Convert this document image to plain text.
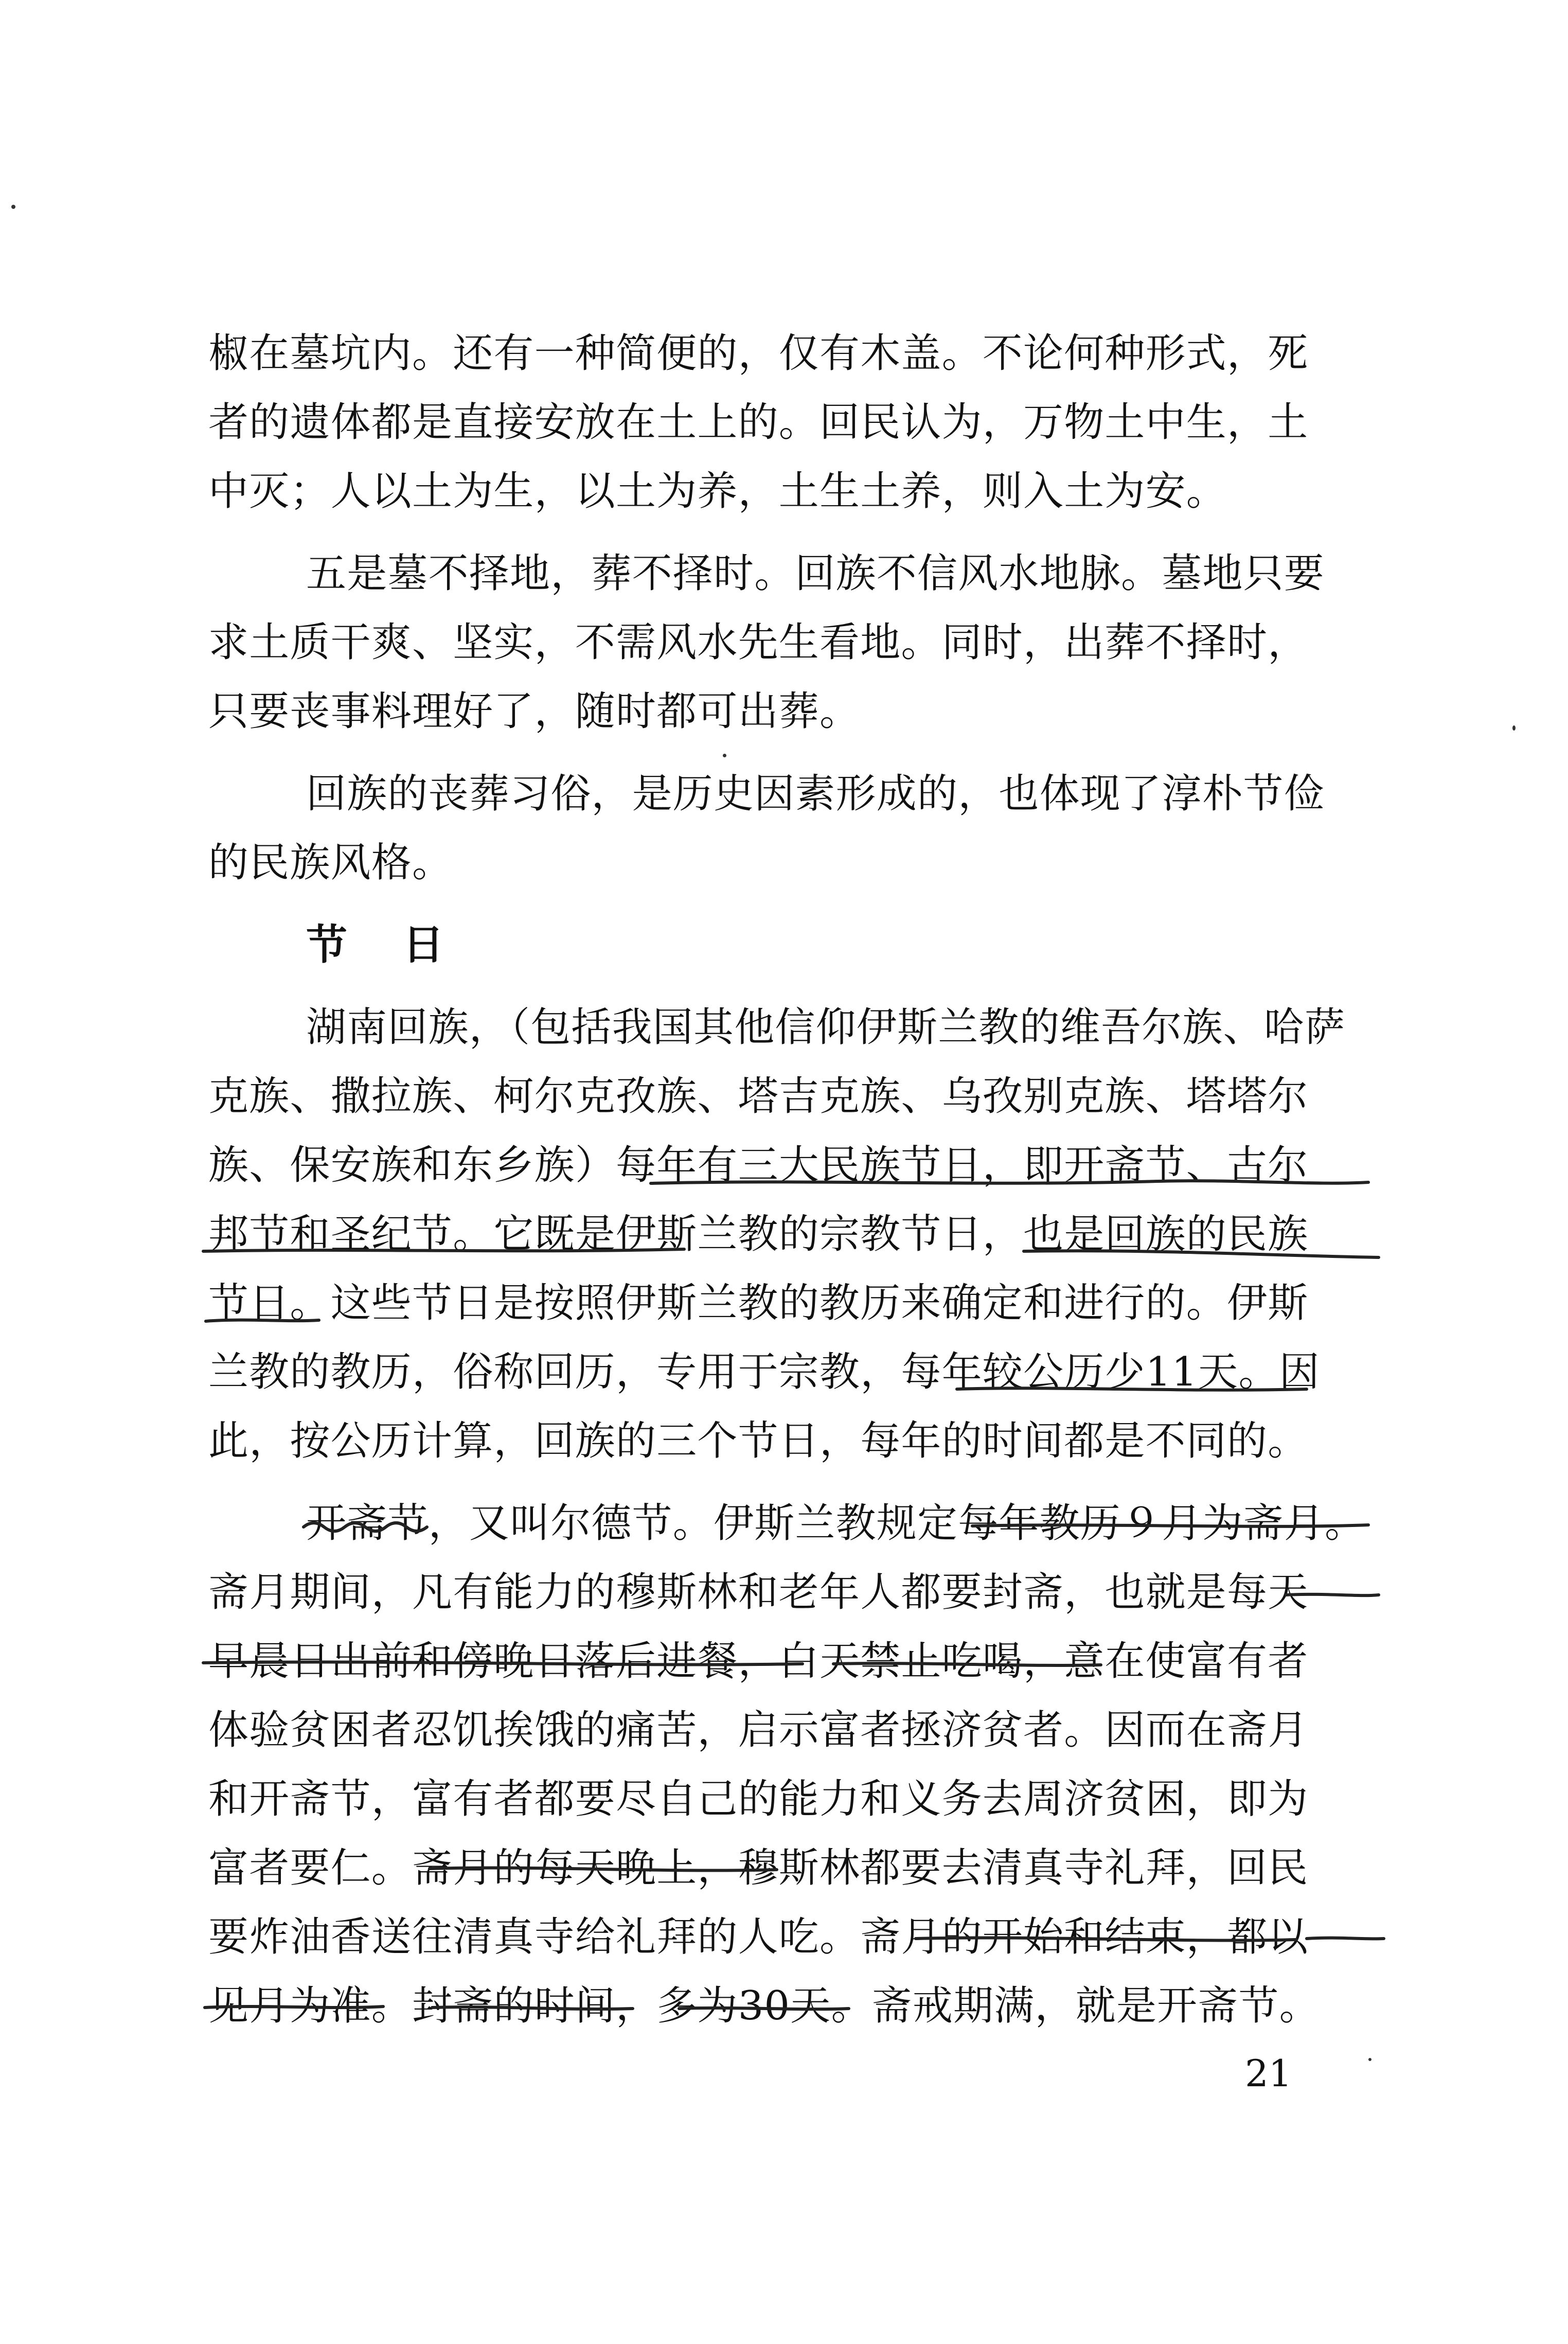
椒在墓坑内。还有一种简便的，仅有木盖。不论何种形式，死
者的遗体都是直接安放在土上的。回民认为，万物土中生，土
中灭；人以土为生，以土为养，土生土养，则入土为安。
五是墓不择地，葬不择时。回族不信风水地脉。墓地只要
求土质干爽、坚实，不需风水先生看地。同时，出葬不择时，
只要丧事料理好了，随时都可出葬。
回族的丧葬习俗，是历史因素形成的，也体现了淳朴节俭
的民族风格。
节 日
湖南回族，（包括我国其他信仰伊斯兰教的维吾尔族、哈萨
克族、撒拉族、柯尔克孜族、塔吉克族、乌孜别克族、塔塔尔
族、保安族和东乡族）每年有三大民族节日，即开斋节、古尔
邦节和圣纪节。它既是伊斯兰教的宗教节日，也是回族的民族
节日。这些节日是按照伊斯兰教的教历来确定和进行的。伊斯
兰教的教历，俗称回历，专用于宗教，每年较公历少11天。因
此，按公历计算，回族的三个节日，每年的时间都是不同的。
开斋节，又叫尔德节。伊斯兰教规定每年教历９月为斋月。
斋月期间，凡有能力的穆斯林和老年人都要封斋，也就是每天
早晨日出前和傍晚日落后进餐，白天禁止吃喝，意在使富有者
体验贫困者忍饥挨饿的痛苦，启示富者拯济贫者。因而在斋月
和开斋节，富有者都要尽自己的能力和义务去周济贫困，即为
富者要仁。斋月的每天晚上，穆斯林都要去清真寺礼拜，回民
要炸油香送往清真寺给礼拜的人吃。斋月的开始和结束，都以
见月为准。封斋的时间，多为30天。斋戒期满，就是开斋节。
21
